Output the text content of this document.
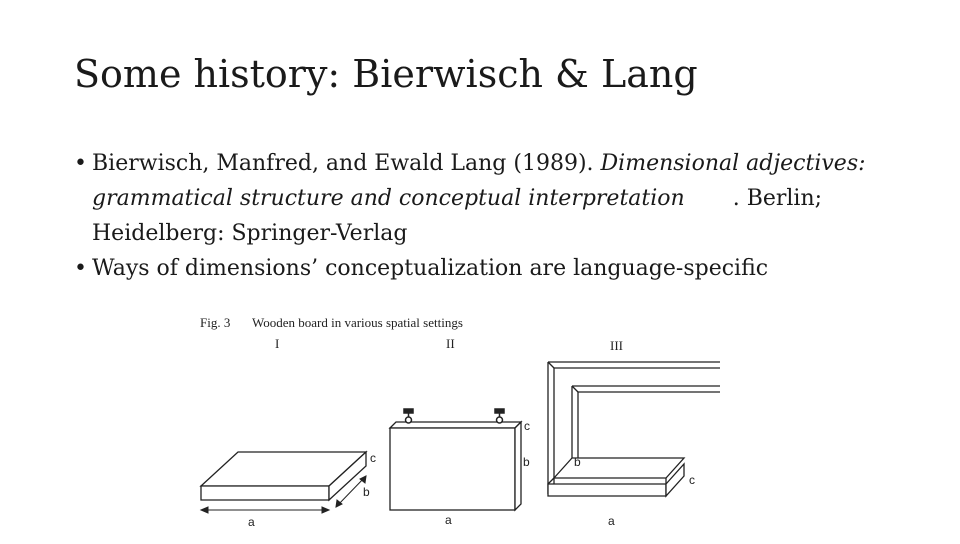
Some history: Bierwisch & Lang
• Bierwisch, Manfred, and Ewald Lang (1989). Dimensional adjectives:
grammatical structure and conceptual interpretation . Berlin;
Heidelberg: Springer-Verlag
• Ways of dimensions’ conceptualization are language-specific
Fig. 3 Wooden board in various spatial settings
I	II	III
a
b
c
c
b
a
b
c
a
